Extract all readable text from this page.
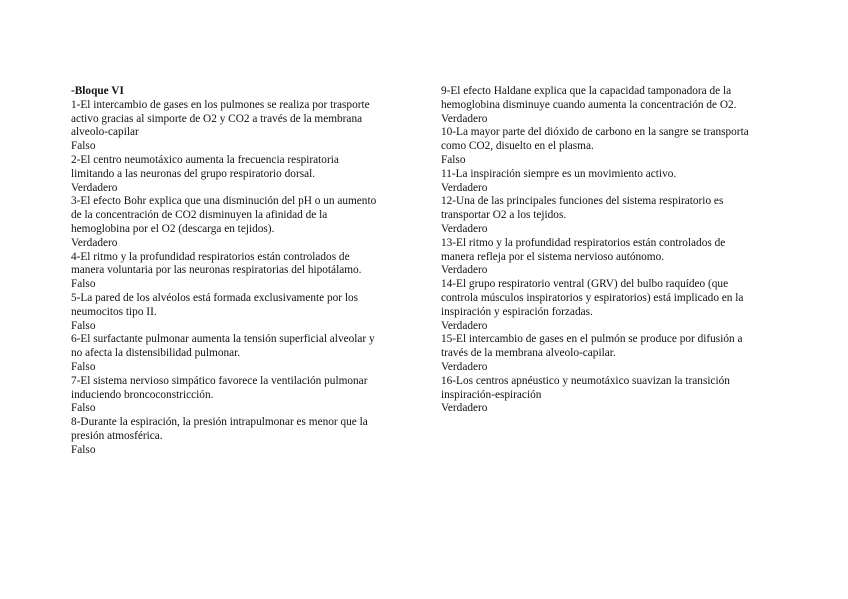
-Bloque VI
1-El intercambio de gases en los pulmones se realiza por trasporte
activo gracias al simporte de O2 y CO2 a través de la membrana
alveolo-capilar
Falso
2-El centro neumotáxico aumenta la frecuencia respiratoria
limitando a las neuronas del grupo respiratorio dorsal.
Verdadero
3-El efecto Bohr explica que una disminución del pH o un aumento
de la concentración de CO2 disminuyen la afinidad de la
hemoglobina por el O2 (descarga en tejidos).
Verdadero
4-El ritmo y la profundidad respiratorios están controlados de
manera voluntaria por las neuronas respiratorias del hipotálamo.
Falso
5-La pared de los alvéolos está formada exclusivamente por los
neumocitos tipo II.
Falso
6-El surfactante pulmonar aumenta la tensión superficial alveolar y
no afecta la distensibilidad pulmonar.
Falso
7-El sistema nervioso simpático favorece la ventilación pulmonar
induciendo broncoconstricción.
Falso
8-Durante la espiración, la presión intrapulmonar es menor que la
presión atmosférica.
Falso
9-El efecto Haldane explica que la capacidad tamponadora de la
hemoglobina disminuye cuando aumenta la concentración de O2.
Verdadero
10-La mayor parte del dióxido de carbono en la sangre se transporta
como CO2, disuelto en el plasma.
Falso
11-La inspiración siempre es un movimiento activo.
Verdadero
12-Una de las principales funciones del sistema respiratorio es
transportar O2 a los tejidos.
Verdadero
13-El ritmo y la profundidad respiratorios están controlados de
manera refleja por el sistema nervioso autónomo.
Verdadero
14-El grupo respiratorio ventral (GRV) del bulbo raquídeo (que
controla músculos inspiratorios y espiratorios) está implicado en la
inspiración y espiración forzadas.
Verdadero
15-El intercambio de gases en el pulmón se produce por difusión a
través de la membrana alveolo-capilar.
Verdadero
16-Los centros apnéustico y neumotáxico suavizan la transición
inspiración-espiración
Verdadero
